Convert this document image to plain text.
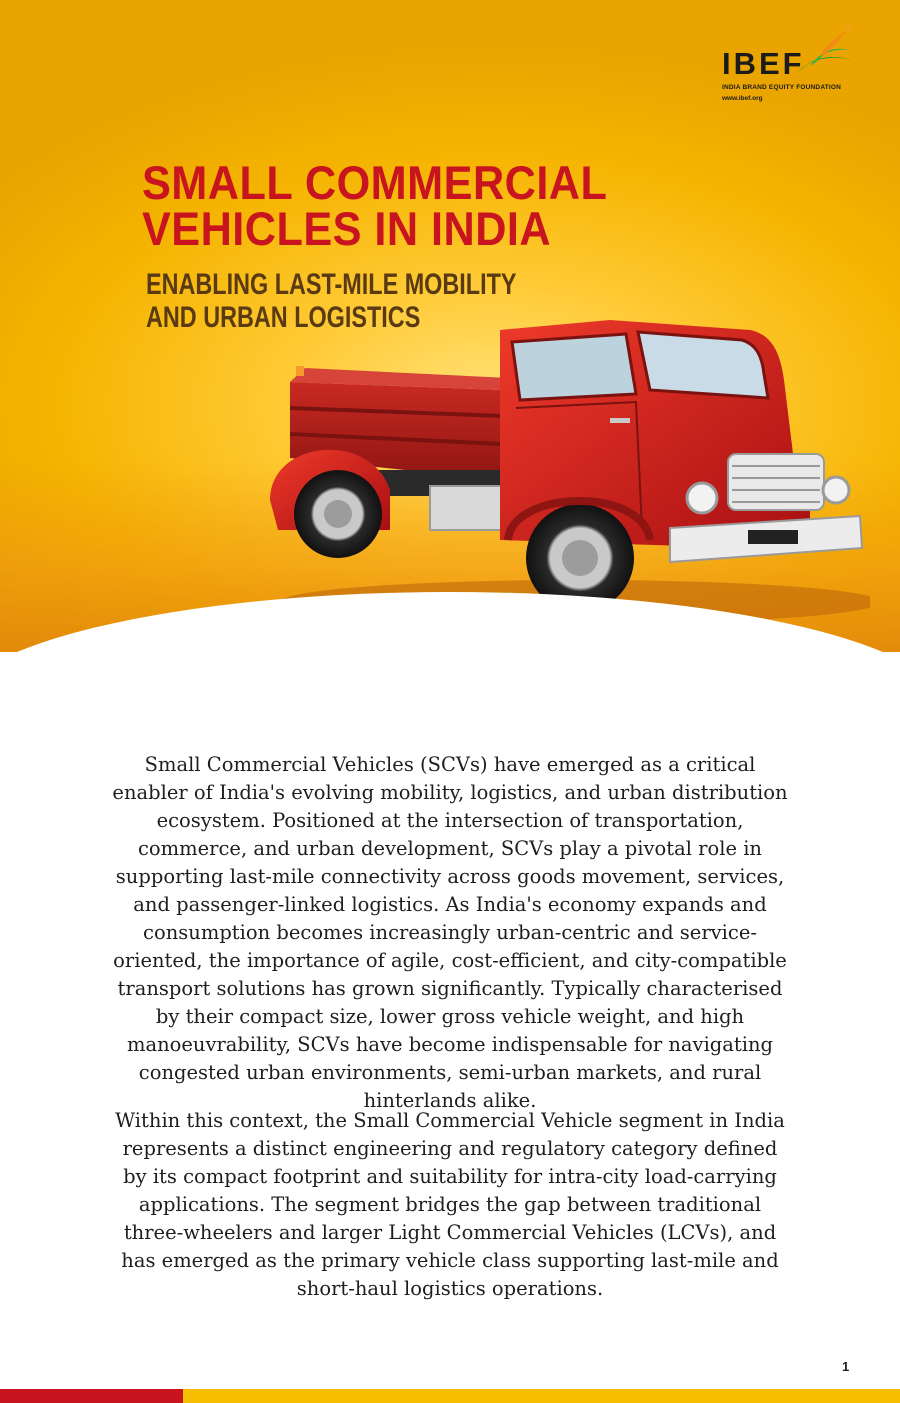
IBEF
INDIA BRAND EQUITY FOUNDATION
www.ibef.org
SMALL COMMERCIAL
VEHICLES IN INDIA
ENABLING LAST-MILE MOBILITY
AND URBAN LOGISTICS

Small Commercial Vehicles (SCVs) have emerged as a critical enabler of India's evolving mobility, logistics, and urban distribution ecosystem. Positioned at the intersection of transportation, commerce, and urban development, SCVs play a pivotal role in supporting last-mile connectivity across goods movement, services, and passenger-linked logistics. As India's economy expands and consumption becomes increasingly urban-centric and service-oriented, the importance of agile, cost-efficient, and city-compatible transport solutions has grown significantly. Typically characterised by their compact size, lower gross vehicle weight, and high manoeuvrability, SCVs have become indispensable for navigating congested urban environments, semi-urban markets, and rural hinterlands alike.

Within this context, the Small Commercial Vehicle segment in India represents a distinct engineering and regulatory category defined by its compact footprint and suitability for intra-city load-carrying applications. The segment bridges the gap between traditional three-wheelers and larger Light Commercial Vehicles (LCVs), and has emerged as the primary vehicle class supporting last-mile and short-haul logistics operations.

1
